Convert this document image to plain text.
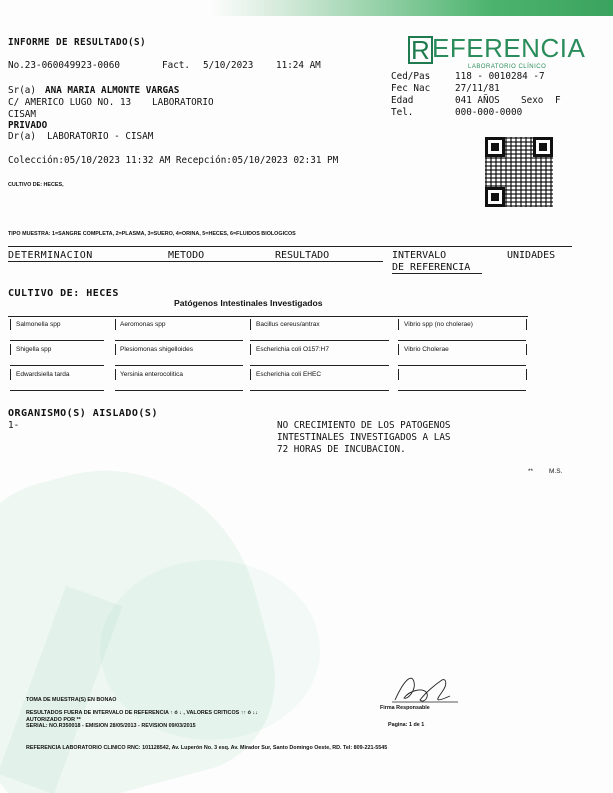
INFORME DE RESULTADO(S)
No.23-060049923-0060	Fact. 5/10/2023 11:24 AM
R EFERENCIA
LABORATORIO CLÍNICO
Sr(a) ANA MARIA ALMONTE VARGAS
C/ AMERICO LUGO NO. 13 LABORATORIO
CISAM
PRIVADO
Dr(a) LABORATORIO - CISAM
Ced/Pas	118 - 0010284 -7
Fec Nac	27/11/81
Edad	041 AÑOS Sexo F
Tel.	000-000-0000
Colección:05/10/2023 11:32 AM Recepción:05/10/2023 02:31 PM
CULTIVO DE: HECES,
TIPO MUESTRA: 1=SANGRE COMPLETA, 2=PLASMA, 3=SUERO, 4=ORINA, 5=HECES, 6=FLUIDOS BIOLOGICOS
DETERMINACION	METODO	RESULTADO	INTERVALO
DE REFERENCIA
UNIDADES
CULTIVO DE: HECES
Patógenos Intestinales Investigados
Salmonella spp	Aeromonas spp	Bacillus cereus/antrax	Vibrio spp (no cholerae)
Shigella spp	Plesiomonas shigelloides	Escherichia coli O157:H7	Vibrio Cholerae
Edwardsiella tarda	Yersinia enterocolitica	Escherichia coli EHEC
ORGANISMO(S) AISLADO(S)
1-	NO CRECIMIENTO DE LOS PATOGENOS
INTESTINALES INVESTIGADOS A LAS
72 HORAS DE INCUBACION.
** M.S.
TOMA DE MUESTRA(S) EN BONAO
RESULTADOS FUERA DE INTERVALO DE REFERENCIA ↑ ó ↓ , VALORES CRITICOS ↑↑ ó ↓↓
AUTORIZADO POR **
SERIAL: NO.R350018 - EMISION 28/05/2013 - REVISION 09/03/2015
Firma Responsable
Pagina: 1 de 1
REFERENCIA LABORATORIO CLINICO RNC: 101128542, Av. Luperón No. 3 esq. Av. Mirador Sur, Santo Domingo Oeste, RD. Tel: 809-221-5545
